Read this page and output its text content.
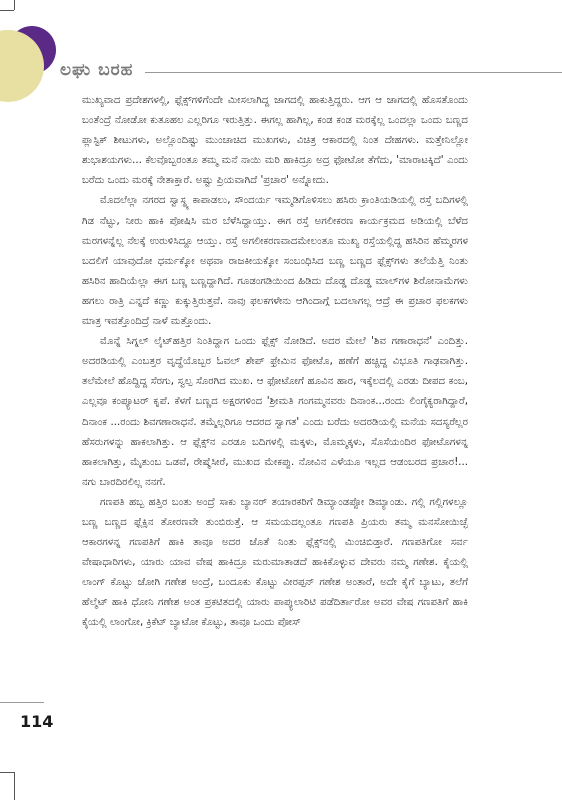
ಲಘು ಬರಹ

ಮುಖ್ಯವಾದ ಪ್ರದೇಶಗಳಲ್ಲಿ, ಫ್ಲೆಕ್ಸ್‌ಗಳಿಗೆಂದೇ ಮೀಸಲಾಗಿದ್ದ ಜಾಗದಲ್ಲಿ ಹಾಕುತ್ತಿದ್ದರು. ಆಗ ಆ ಜಾಗದಲ್ಲಿ ಹೊಸತೊಂದು ಬಂತೆಂದ್ರೆ ನೋಡೋ ಕುತೂಹಲ ಎಲ್ಲರಿಗೂ ಇರುತ್ತಿತ್ತು. ಈಗಲ್ಲ ಹಾಗಿಲ್ಲ, ಕಂಡ ಕಂಡ ಮರಕ್ಕೆಲ್ಲ ಒಂದಲ್ಲಾ ಒಂದು ಬಣ್ಣದ ಪ್ಲಾಸ್ಟಿಕ್ ಶೀಟುಗಳು, ಅಲ್ಲೊಂದಿಷ್ಟು ಮುಂಚಾಚಿದ ಮುಖಗಳು, ವಿಚಿತ್ರ ಆಕಾರದಲ್ಲಿ ನಿಂತ ದೇಹಗಳು. ಮತ್ತೇನಿಲ್ಲೋ ಶುಭಾಶಯಗಳು... ಕೆಲವೊಬ್ಬರಂತೂ ತಮ್ಮ ಮನೆ ನಾಯಿ ಮರಿ ಹಾಕಿದ್ರೂ ಅದ್ರ ಫೋಟೋ ತೆಗೆದು, 'ಮಾರಾಟಕ್ಕಿದೆ' ಎಂದು ಬರೆದು ಒಂದು ಮರಕ್ಕೆ ನೇತಾಕ್ತಾರೆ. ಅಷ್ಟು ಪ್ರಿಯವಾಗಿದೆ 'ಪ್ರಚಾರ' ಅನ್ನೋದು.

ಮೊದಲೆಲ್ಲಾ ನಗರದ ಸ್ವಾಸ್ಥ್ಯ ಕಾಪಾಡಲು, ಸೌಂದರ್ಯ ಇಮ್ಮಡಿಗೊಳಿಸಲು ಹಸಿರು ಕ್ರಾಂತಿಯಡಿಯಲ್ಲಿ ರಸ್ತೆ ಬದಿಗಳಲ್ಲಿ ಗಿಡ ನೆಟ್ಟು, ನೀರು ಹಾಕಿ ಪೋಷಿಸಿ ಮರ ಬೆಳೆಸಿದ್ದಾಯ್ತು. ಈಗ ರಸ್ತೆ ಅಗಲೀಕರಣ ಕಾರ್ಯಕ್ರಮದ ಅಡಿಯಲ್ಲಿ ಬೆಳೆದ ಮರಗಳನ್ನೆಲ್ಲ ನೆಲಕ್ಕೆ ಉರುಳಿಸಿದ್ದೂ ಆಯ್ತು. ರಸ್ತೆ ಅಗಲೀಕರಣವಾದಮೇಲಂತೂ ಮುಖ್ಯ ರಸ್ತೆಯಲ್ಲಿದ್ದ ಹಸಿರಿನ ಹೆಮ್ಮರಗಳ ಬದಲಿಗೆ ಯಾವುದೋ ಧರ್ಮಕ್ಕೋ ಅಥವಾ ರಾಜಕೀಯಕ್ಕೋ ಸಂಬಂಧಿಸಿದ ಬಣ್ಣ ಬಣ್ಣದ ಫ್ಲೆಕ್ಸ್‌ಗಳು ತಲೆಯೆತ್ತಿ ನಿಂತು ಹಸಿರಿನ ಹಾದಿಯೆಲ್ಲಾ ಈಗ ಬಣ್ಣ ಬಣ್ಣದ್ದಾಗಿದೆ. ಗೂಡಂಗಡಿಯಿಂದ ಹಿಡಿದು ದೊಡ್ಡ ದೊಡ್ಡ ಮಾಲ್‌ಗಳ ಶಿರೋನಾಮೆಗಳು ಹಗಲು ರಾತ್ರಿ ಎನ್ನದೆ ಕಣ್ಣು ಕುಕ್ಕುತ್ತಿರುತ್ತವೆ. ನಾವು ಫಲಕಗಳೇನು ಆಗಿಂದಾಗ್ಗೆ ಬದಲಾಗಲ್ಲ ಆದ್ರೆ ಈ ಪ್ರಚಾರ ಫಲಕಗಳು ಮಾತ್ರ ಇವತ್ತೊಂದಿದ್ರೆ ನಾಳೆ ಮತ್ತೊಂದು.

ಮೊನ್ನೆ ಸಿಗ್ನಲ್ ಲೈಟ್‌ಹತ್ತಿರ ನಿಂತಿದ್ದಾಗ ಒಂದು ಫ್ಲೆಕ್ಸ್ ನೋಡಿದೆ. ಅದರ ಮೇಲೆ 'ಶಿವ ಗಣಾರಾಧನೆ' ಎಂದಿತ್ತು. ಅದರಡಿಯಲ್ಲಿ ಎಂಬತ್ತರ ವೃದ್ಧೆಯೊಬ್ಬರ ಓವಲ್ ಶೇಪ್ ಫ್ರೇಮಿನ ಫೋಟೊ, ಹಣೆಗೆ ಹಚ್ಚಿದ್ದ ವಿಭೂತಿ ಗಾಢವಾಗಿತ್ತು. ತಲೆಮೇಲೆ ಹೊದ್ದಿದ್ದ ಸೆರಗು, ಸ್ವಲ್ಪ ಸೊರಗಿದ ಮುಖ. ಆ ಫೋಟೋಗೆ ಹೂವಿನ ಹಾರ, ಇಕ್ಕೆಲದಲ್ಲಿ ಎರಡು ದೀಪದ ಕಂಬ, ಎಲ್ಲವೂ ಕಂಪ್ಯೂಟರ್ ಕೃಪೆ. ಕೆಳಗೆ ಬಣ್ಣದ ಅಕ್ಷರಗಳಿಂದ 'ಶ್ರೀಮತಿ ಗಂಗಮ್ಮನವರು ದಿನಾಂಕ...ರಂದು ಲಿಂಗೈಕ್ಯರಾಗಿದ್ದಾರೆ, ದಿನಾಂಕ ...ರಂದು ಶಿವಗಣಾರಾಧನೆ. ತಮ್ಮೆಲ್ಲರಿಗೂ ಆದರದ ಸ್ವಾಗತ' ಎಂದು ಬರೆದು ಅದರಡಿಯಲ್ಲಿ ಮನೆಯ ಸದಸ್ಯರೆಲ್ಲರ ಹೆಸರುಗಳನ್ನು ಹಾಕಲಾಗಿತ್ತು. ಆ ಫ್ಲೆಕ್ಸ್‌ನ ಎರಡೂ ಬದಿಗಳಲ್ಲಿ ಮಕ್ಕಳು, ಮೊಮ್ಮಕ್ಕಳು, ಸೊಸೆಯಂದಿರ ಫೋಟೊಗಳನ್ನ ಹಾಕಲಾಗಿತ್ತು, ಮೈತುಂಬ ಒಡವೆ, ರೇಷ್ಮೆಸೀರೆ, ಮುಖದ ಮೇಕಪ್ಪು. ನೋವಿನ ಎಳೆಯೂ ಇಲ್ಲದ ಆಡಂಬರದ ಪ್ರಚಾರ!... ನಗು ಬಾರದಿರಲಿಲ್ಲ ನನಗೆ.

ಗಣಪತಿ ಹಬ್ಬ ಹತ್ತಿರ ಬಂತು ಅಂದ್ರೆ ಸಾಕು ಬ್ಯಾನರ್ ತಯಾರಕರಿಗೆ ಡಿಮ್ಯಾಂಡಪ್ಪೋ ಡಿಮ್ಯಾಂಡು. ಗಲ್ಲಿ ಗಲ್ಲಿಗಳಲ್ಲೂ ಬಣ್ಣ ಬಣ್ಣದ ಫ್ಲೆಕ್ಸಿನ ತೋರಣವೇ ತುಂಬಿರುತ್ತೆ. ಆ ಸಮಯದಲ್ಲಂತೂ ಗಣಪತಿ ಪ್ರಿಯರು ತಮ್ಮ ಮನಸೋಯಿಚ್ಛೆ ಆಕಾರಗಳನ್ನ ಗಣಪತಿಗೆ ಹಾಕಿ ತಾವೂ ಅದರ ಜೊತೆ ನಿಂತು ಫ್ಲೆಕ್ಸ್‌ನಲ್ಲಿ ಮಿಂಚಿಬಿಡ್ತಾರೆ. ಗಣಪತಿಗೋ ಸರ್ವ ವೇಷಾಧಾರಿಗಳು, ಯಾರು ಯಾವ ವೇಷ ಹಾಕಿದ್ರೂ ಮರುಮಾತಾಡದೆ ಹಾಕಿಕೊಳ್ಳುವ ದೇವರು ನಮ್ಮ ಗಣೇಶ. ಕೈಯಲ್ಲಿ ಲಾಂಗ್ ಕೊಟ್ಟು ಜೋಗಿ ಗಣೇಶ ಅಂದ್ರೆ, ಬಂದೂಕು ಕೊಟ್ಟು ವೀರಪ್ಪನ್ ಗಣೇಶ ಅಂತಾರೆ, ಅದೇ ಕೈಗೆ ಬ್ಯಾಟು, ತಲೆಗೆ ಹೆಲ್ಮೆಟ್ ಹಾಕಿ ಧೋನಿ ಗಣೇಶ ಅಂತ ಪ್ರಕಟಿತದಲ್ಲಿ ಯಾರು ಪಾಪ್ಯುಲಾರಿಟಿ ಪಡೆದಿರ್ತಾರೋ ಅವರ ವೇಷ ಗಣಪತಿಗೆ ಹಾಕಿ ಕೈಯಲ್ಲಿ ಲಾಂಗೋ, ಕ್ರಿಕೆಟ್ ಬ್ಯಾಟೋ ಕೊಟ್ಟು, ತಾವೂ ಒಂದು ಪೋಸ್

114
